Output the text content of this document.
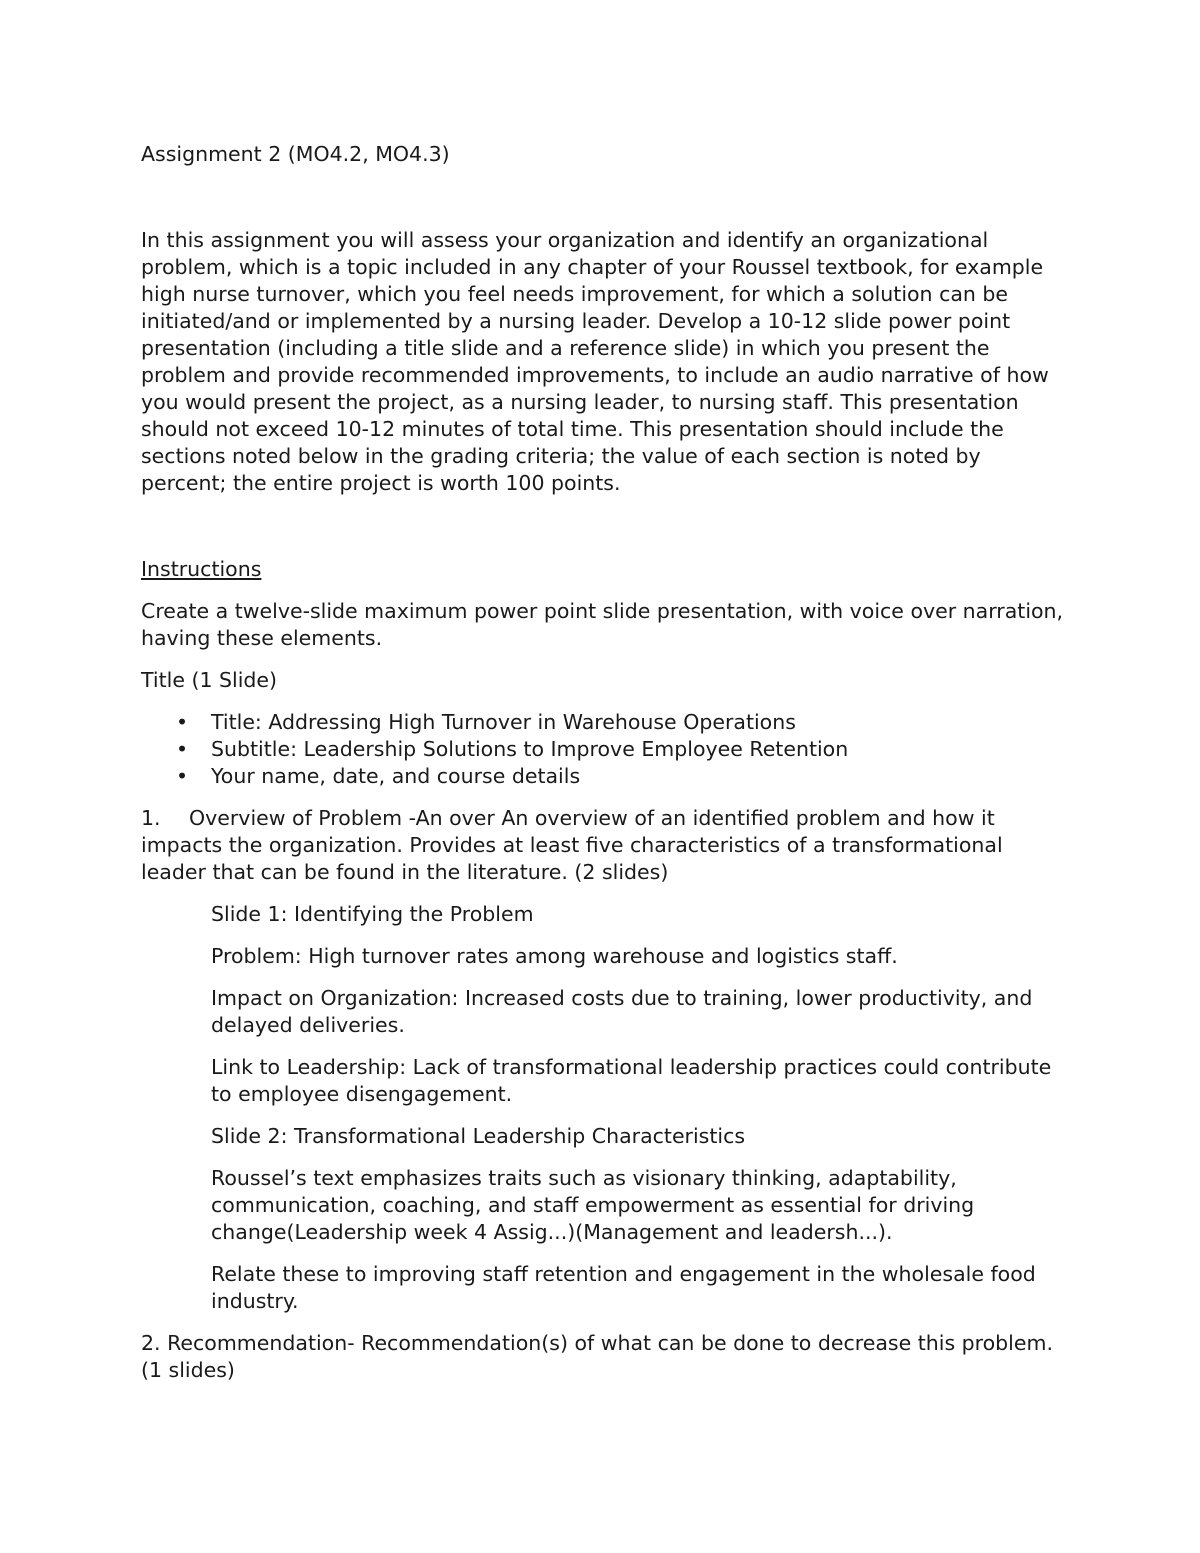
Assignment 2 (MO4.2, MO4.3)

In this assignment you will assess your organization and identify an organizational problem, which is a topic included in any chapter of your Roussel textbook, for example high nurse turnover, which you feel needs improvement, for which a solution can be initiated/and or implemented by a nursing leader. Develop a 10-12 slide power point presentation (including a title slide and a reference slide) in which you present the problem and provide recommended improvements, to include an audio narrative of how you would present the project, as a nursing leader, to nursing staff. This presentation should not exceed 10-12 minutes of total time. This presentation should include the sections noted below in the grading criteria; the value of each section is noted by percent; the entire project is worth 100 points.

Instructions

Create a twelve-slide maximum power point slide presentation, with voice over narration, having these elements.

Title (1 Slide)

• Title: Addressing High Turnover in Warehouse Operations
• Subtitle: Leadership Solutions to Improve Employee Retention
• Your name, date, and course details

1. Overview of Problem -An over An overview of an identified problem and how it impacts the organization. Provides at least five characteristics of a transformational leader that can be found in the literature. (2 slides)

Slide 1: Identifying the Problem

Problem: High turnover rates among warehouse and logistics staff.

Impact on Organization: Increased costs due to training, lower productivity, and delayed deliveries.

Link to Leadership: Lack of transformational leadership practices could contribute to employee disengagement.

Slide 2: Transformational Leadership Characteristics

Roussel’s text emphasizes traits such as visionary thinking, adaptability, communication, coaching, and staff empowerment as essential for driving change(Leadership week 4 Assig...)(Management and leadersh...).

Relate these to improving staff retention and engagement in the wholesale food industry.

2. Recommendation- Recommendation(s) of what can be done to decrease this problem. (1 slides)
